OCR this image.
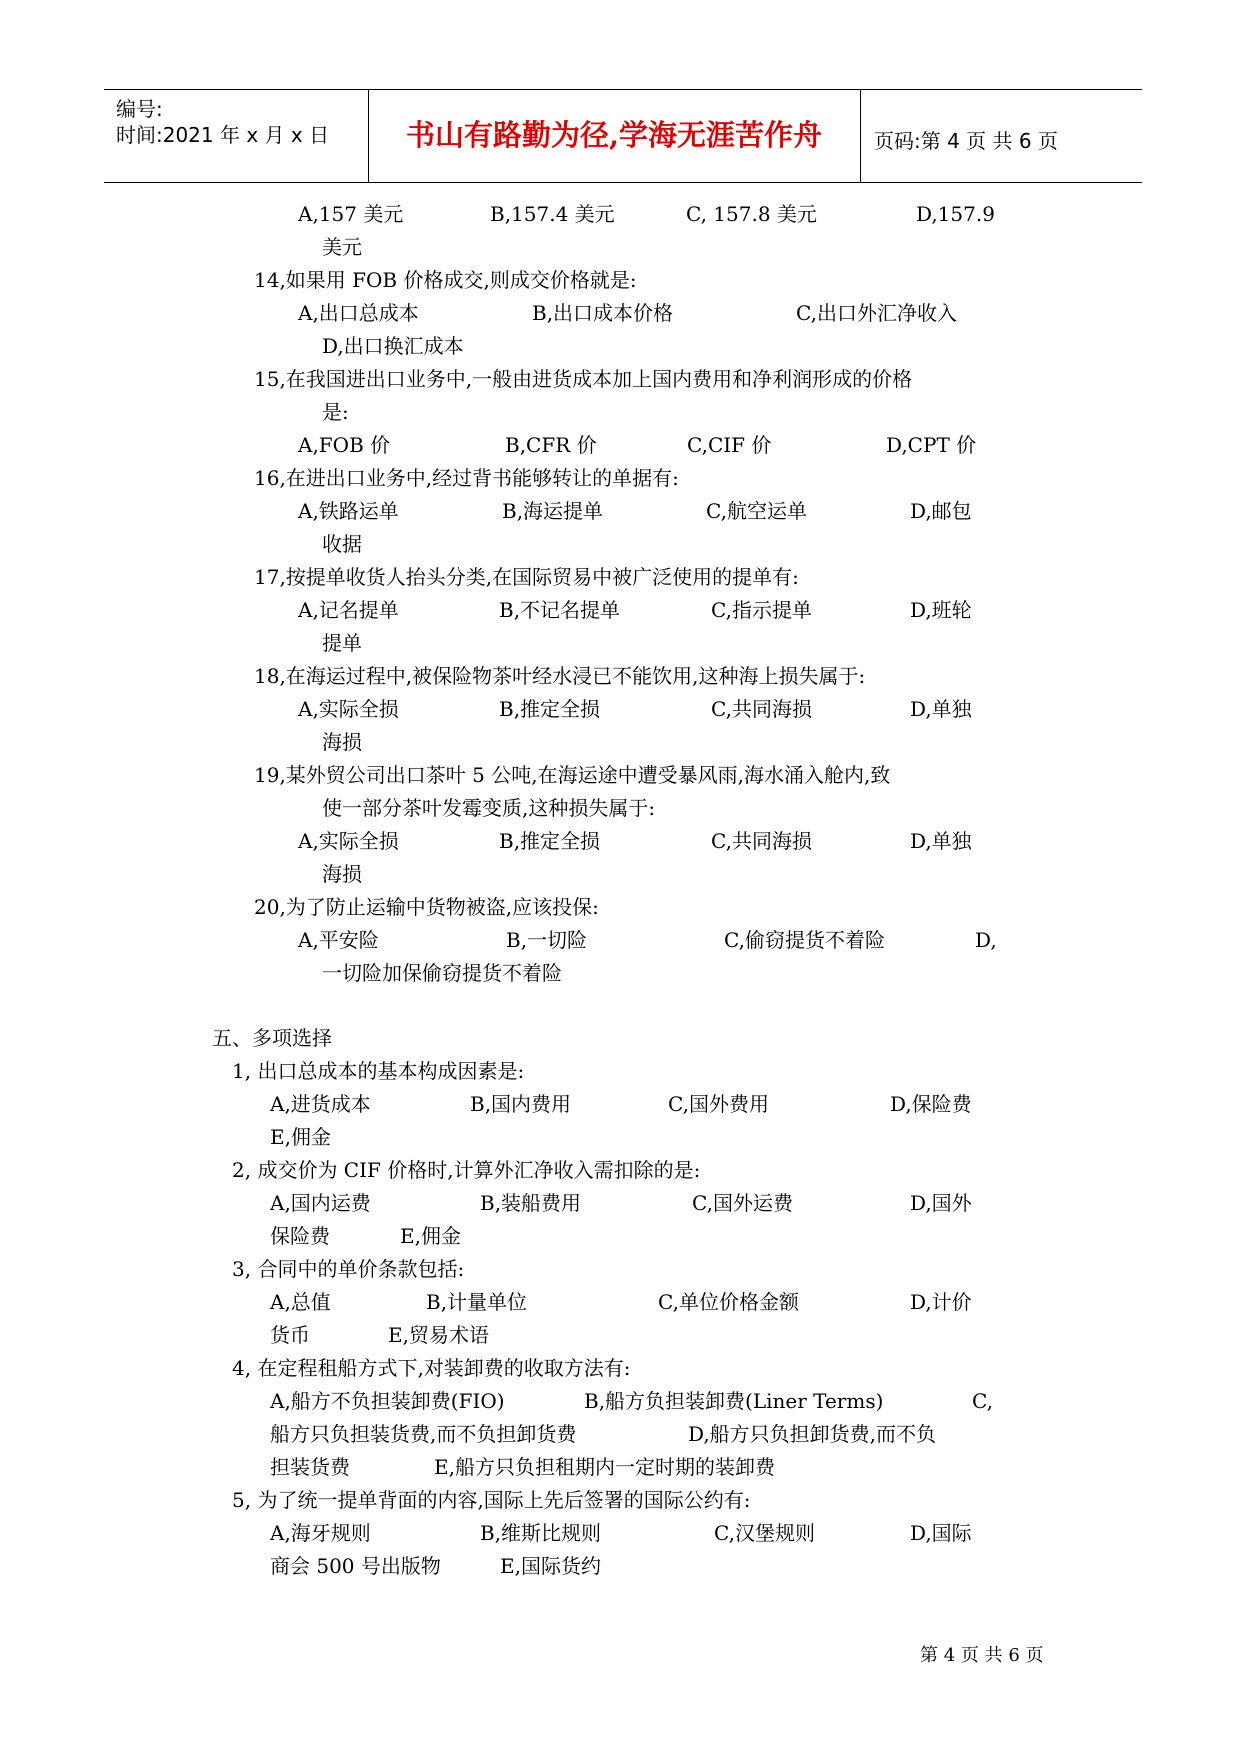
编号:
时间:2021 年 x 月 x 日	书山有路勤为径,学海无涯苦作舟	页码:第 4 页 共 6 页
A,157 美元	B,157.4 美元	C, 157.8 美元	D,157.9
美元
14,如果用 FOB 价格成交,则成交价格就是:
A,出口总成本	B,出口成本价格	C,出口外汇净收入
D,出口换汇成本
15,在我国进出口业务中,一般由进货成本加上国内费用和净利润形成的价格
是:
A,FOB 价	B,CFR 价	C,CIF 价	D,CPT 价
16,在进出口业务中,经过背书能够转让的单据有:
A,铁路运单	B,海运提单	C,航空运单	D,邮包
收据
17,按提单收货人抬头分类,在国际贸易中被广泛使用的提单有:
A,记名提单	B,不记名提单	C,指示提单	D,班轮
提单
18,在海运过程中,被保险物茶叶经水浸已不能饮用,这种海上损失属于:
A,实际全损	B,推定全损	C,共同海损	D,单独
海损
19,某外贸公司出口茶叶 5 公吨,在海运途中遭受暴风雨,海水涌入舱内,致
使一部分茶叶发霉变质,这种损失属于:
A,实际全损	B,推定全损	C,共同海损	D,单独
海损
20,为了防止运输中货物被盗,应该投保:
A,平安险	B,一切险	C,偷窃提货不着险	D,
一切险加保偷窃提货不着险
五、多项选择
1, 出口总成本的基本构成因素是:
A,进货成本	B,国内费用	C,国外费用	D,保险费
E,佣金
2, 成交价为 CIF 价格时,计算外汇净收入需扣除的是:
A,国内运费	B,装船费用	C,国外运费	D,国外
保险费	E,佣金
3, 合同中的单价条款包括:
A,总值	B,计量单位	C,单位价格金额	D,计价
货币	E,贸易术语
4, 在定程租船方式下,对装卸费的收取方法有:
A,船方不负担装卸费(FIO)	B,船方负担装卸费(Liner Terms)	C,
船方只负担装货费,而不负担卸货费	D,船方只负担卸货费,而不负
担装货费	E,船方只负担租期内一定时期的装卸费
5, 为了统一提单背面的内容,国际上先后签署的国际公约有:
A,海牙规则	B,维斯比规则	C,汉堡规则	D,国际
商会 500 号出版物	E,国际货约
第 4 页 共 6 页
